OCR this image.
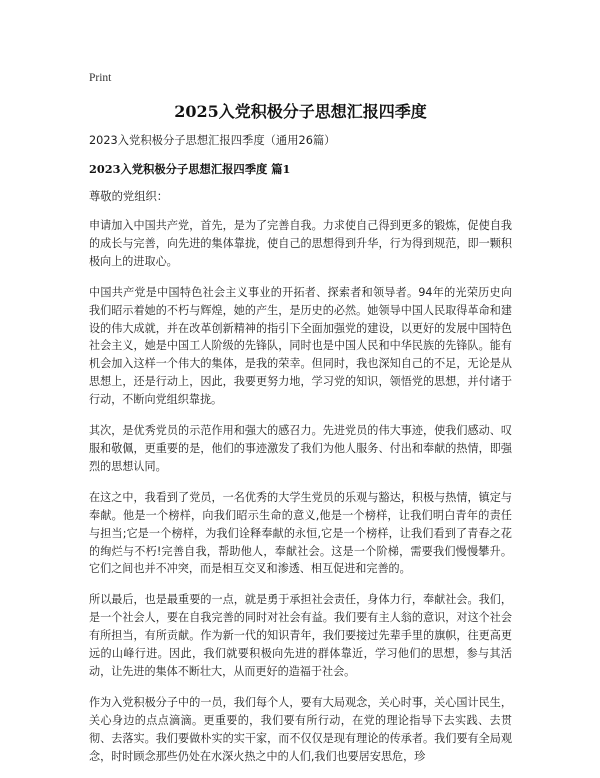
Print
2025入党积极分子思想汇报四季度
2023入党积极分子思想汇报四季度（通用26篇）
2023入党积极分子思想汇报四季度 篇1
尊敬的党组织：

申请加入中国共产党，首先，是为了完善自我。力求使自己得到更多的锻炼，促使自我的成长与完善，向先进的集体靠拢，使自己的思想得到升华，行为得到规范，即一颗积极向上的进取心。

中国共产党是中国特色社会主义事业的开拓者、探索者和领导者。94年的光荣历史向我们昭示着她的不朽与辉煌，她的产生，是历史的必然。她领导中国人民取得革命和建设的伟大成就，并在改革创新精神的指引下全面加强党的建设，以更好的发展中国特色社会主义，她是中国工人阶级的先锋队，同时也是中国人民和中华民族的先锋队。能有机会加入这样一个伟大的集体，是我的荣幸。但同时，我也深知自己的不足，无论是从思想上，还是行动上，因此，我要更努力地，学习党的知识，领悟党的思想，并付诸于行动，不断向党组织靠拢。

其次，是优秀党员的示范作用和强大的感召力。先进党员的伟大事迹，使我们感动、叹服和敬佩，更重要的是，他们的事迹激发了我们为他人服务、付出和奉献的热情，即强烈的思想认同。

在这之中，我看到了党员，一名优秀的大学生党员的乐观与豁达，积极与热情，镇定与奉献。他是一个榜样，向我们昭示生命的意义,他是一个榜样，让我们明白青年的责任与担当;它是一个榜样，为我们诠释奉献的永恒,它是一个榜样，让我们看到了青春之花的绚烂与不朽!完善自我，帮助他人，奉献社会。这是一个阶梯，需要我们慢慢攀升。它们之间也并不冲突，而是相互交叉和渗透、相互促进和完善的。

所以最后，也是最重要的一点，就是勇于承担社会责任，身体力行，奉献社会。我们，是一个社会人，要在自我完善的同时对社会有益。我们要有主人翁的意识，对这个社会有所担当，有所贡献。作为新一代的知识青年，我们要接过先辈手里的旗帜，往更高更远的山峰行进。因此，我们就要积极向先进的群体靠近，学习他们的思想，参与其活动，让先进的集体不断壮大，从而更好的造福于社会。

作为入党积极分子中的一员，我们每个人，要有大局观念，关心时事，关心国计民生，关心身边的点点滴滴。更重要的，我们要有所行动，在党的理论指导下去实践、去贯彻、去落实。我们要做朴实的实干家，而不仅仅是现有理论的传承者。我们要有全局观念，时时顾念那些仍处在水深火热之中的人们,我们也要居安思危，珍
